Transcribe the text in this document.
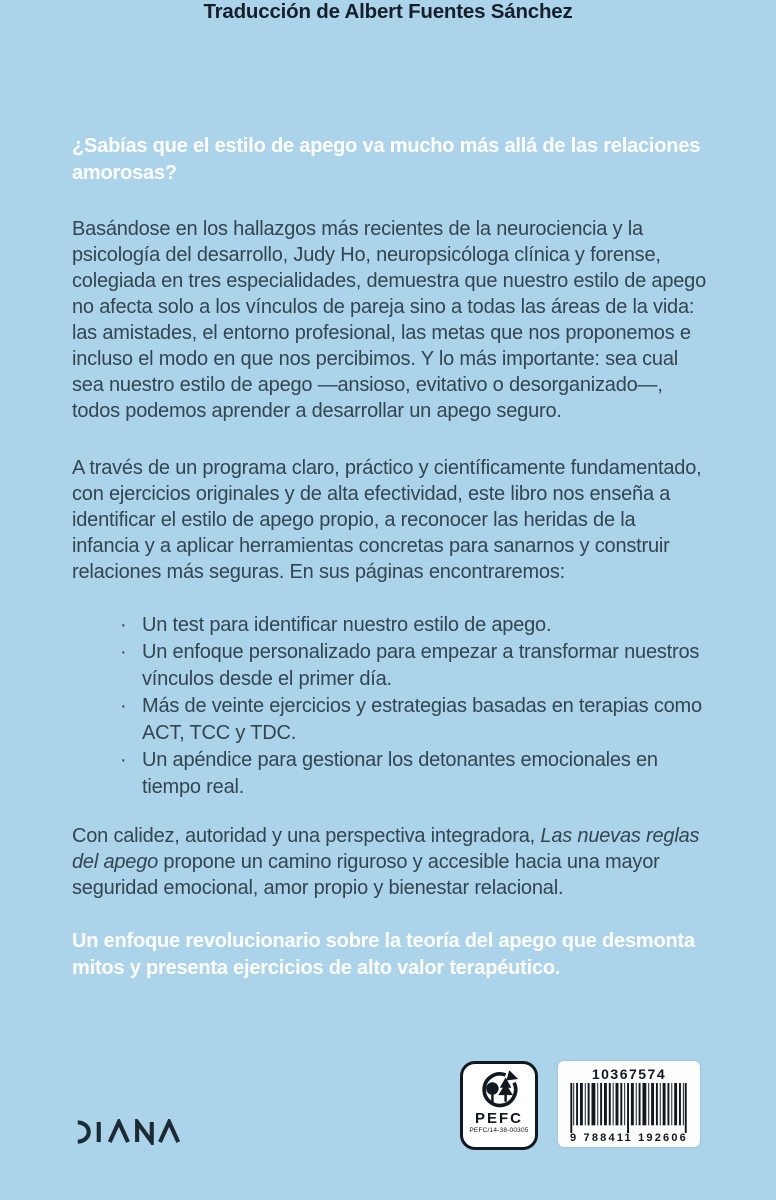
Traducción de Albert Fuentes Sánchez
¿Sabías que el estilo de apego va mucho más allá de las relaciones amorosas?
Basándose en los hallazgos más recientes de la neurociencia y la psicología del desarrollo, Judy Ho, neuropsicóloga clínica y forense, colegiada en tres especialidades, demuestra que nuestro estilo de apego no afecta solo a los vínculos de pareja sino a todas las áreas de la vida: las amistades, el entorno profesional, las metas que nos proponemos e incluso el modo en que nos percibimos. Y lo más importante: sea cual sea nuestro estilo de apego —ansioso, evitativo o desorganizado—, todos podemos aprender a desarrollar un apego seguro.
A través de un programa claro, práctico y científicamente fundamentado, con ejercicios originales y de alta efectividad, este libro nos enseña a identificar el estilo de apego propio, a reconocer las heridas de la infancia y a aplicar herramientas concretas para sanarnos y construir relaciones más seguras. En sus páginas encontraremos:
· Un test para identificar nuestro estilo de apego.
· Un enfoque personalizado para empezar a transformar nuestros vínculos desde el primer día.
· Más de veinte ejercicios y estrategias basadas en terapias como ACT, TCC y TDC.
· Un apéndice para gestionar los detonantes emocionales en tiempo real.
Con calidez, autoridad y una perspectiva integradora, Las nuevas reglas del apego propone un camino riguroso y accesible hacia una mayor seguridad emocional, amor propio y bienestar relacional.
Un enfoque revolucionario sobre la teoría del apego que desmonta mitos y presenta ejercicios de alto valor terapéutico.
PEFC
PEFC/14-38-00305
10367574
9 788411 192606
